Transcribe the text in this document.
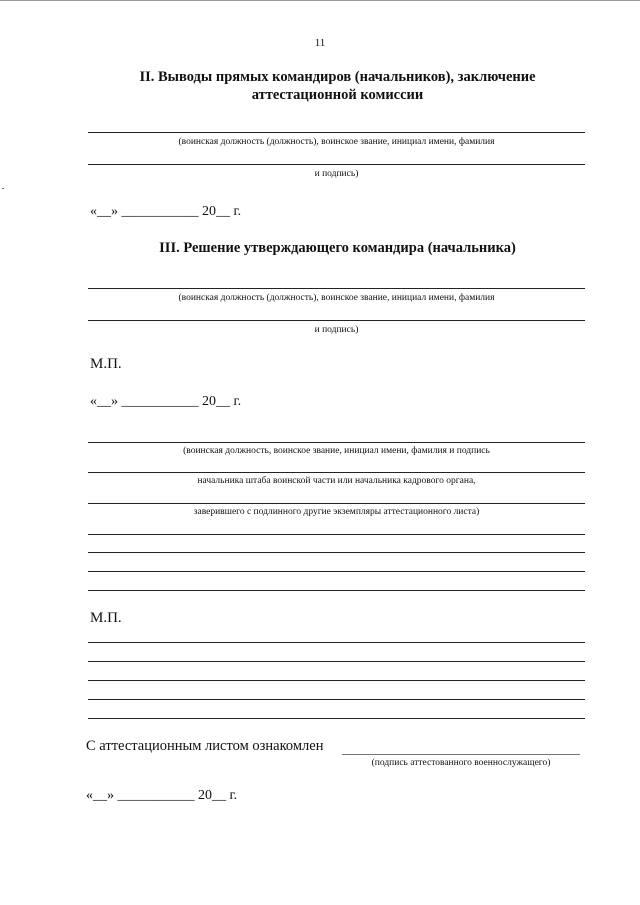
11
II. Выводы прямых командиров (начальников), заключение
аттестационной комиссии
(воинская должность (должность), воинское звание, инициал имени, фамилия
и подпись)
«__» ___________ 20__ г.
III. Решение утверждающего командира (начальника)
(воинская должность (должность), воинское звание, инициал имени, фамилия
и подпись)
М.П.
«__» ___________ 20__ г.
(воинская должность, воинское звание, инициал имени, фамилия и подпись
начальника штаба воинской части или начальника кадрового органа,
заверившего с подлинного другие экземпляры аттестационного листа)
М.П.
С аттестационным листом ознакомлен
(подпись аттестованного военнослужащего)
«__» ___________ 20__ г.
